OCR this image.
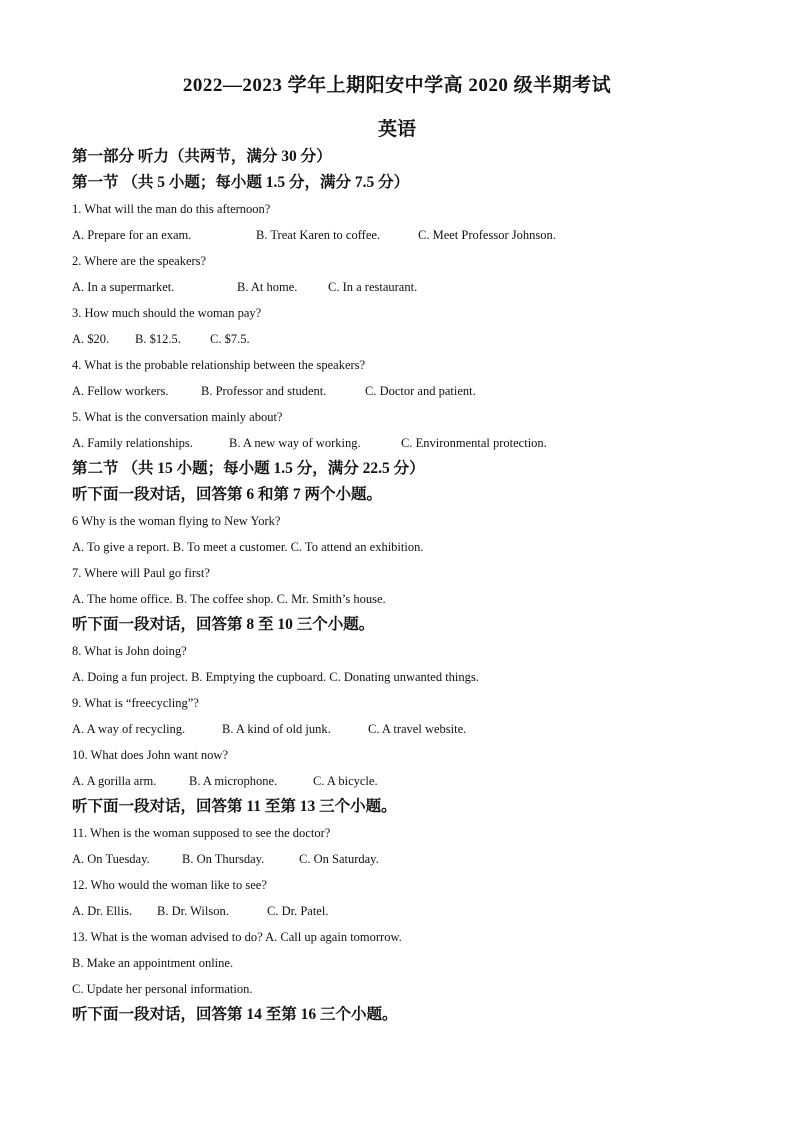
2022—2023 学年上期阳安中学高 2020 级半期考试
英语
第一部分 听力（共两节，满分 30 分）
第一节 （共 5 小题；每小题 1.5 分，满分 7.5 分）
1. What will the man do this afternoon?
A. Prepare for an exam.	B. Treat Karen to coffee.	C. Meet Professor Johnson.
2. Where are the speakers?
A. In a supermarket.	B. At home. C. In a restaurant.
3. How much should the woman pay?
A. $20. B. $12.5. C. $7.5.
4. What is the probable relationship between the speakers?
A. Fellow workers.	B. Professor and student.	C. Doctor and patient.
5. What is the conversation mainly about?
A. Family relationships.	B. A new way of working.	C. Environmental protection.
第二节 （共 15 小题；每小题 1.5 分，满分 22.5 分）
听下面一段对话，回答第 6 和第 7 两个小题。
6 Why is the woman flying to New York?
A. To give a report. B. To meet a customer. C. To attend an exhibition.
7. Where will Paul go first?
A. The home office. B. The coffee shop. C. Mr. Smith’s house.
听下面一段对话，回答第 8 至 10 三个小题。
8. What is John doing?
A. Doing a fun project. B. Emptying the cupboard. C. Donating unwanted things.
9. What is “freecycling”?
A. A way of recycling.	B. A kind of old junk.	C. A travel website.
10. What does John want now?
A. A gorilla arm.	B. A microphone.	C. A bicycle.
听下面一段对话，回答第 11 至第 13 三个小题。
11. When is the woman supposed to see the doctor?
A. On Tuesday.	B. On Thursday.	C. On Saturday.
12. Who would the woman like to see?
A. Dr. Ellis. B. Dr. Wilson.	C. Dr. Patel.
13. What is the woman advised to do? A. Call up again tomorrow.
B. Make an appointment online.
C. Update her personal information.
听下面一段对话，回答第 14 至第 16 三个小题。
